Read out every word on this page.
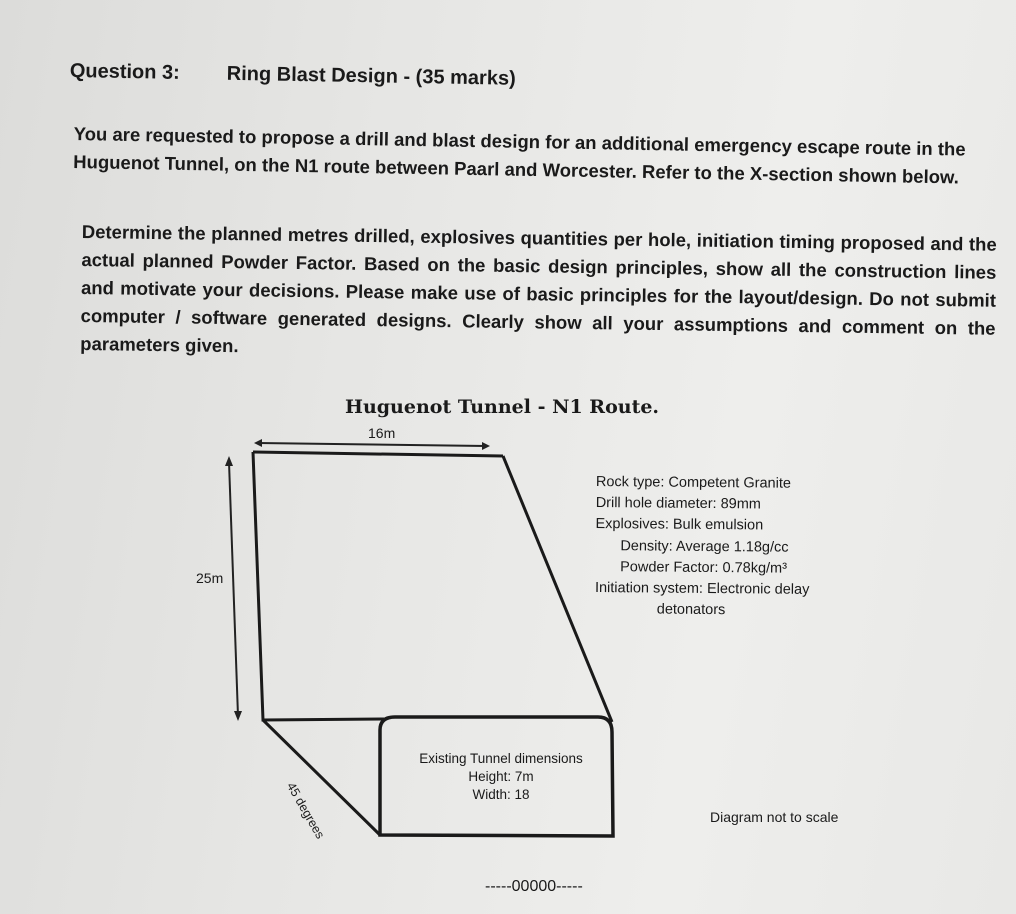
Question 3: Ring Blast Design - (35 marks)
You are requested to propose a drill and blast design for an additional emergency escape route in the Huguenot Tunnel, on the N1 route between Paarl and Worcester. Refer to the X-section shown below.
Determine the planned metres drilled, explosives quantities per hole, initiation timing proposed and the actual planned Powder Factor. Based on the basic design principles, show all the construction lines and motivate your decisions. Please make use of basic principles for the layout/design. Do not submit computer / software generated designs. Clearly show all your assumptions and comment on the parameters given.
Huguenot Tunnel - N1 Route.
16m
25m
Rock type: Competent Granite
Drill hole diameter: 89mm
Explosives: Bulk emulsion
Density: Average 1.18g/cc
Powder Factor: 0.78kg/m³
Initiation system: Electronic delay
detonators
Existing Tunnel dimensions
Height: 7m
Width: 18
45 degrees	Diagram not to scale
-----00000-----
